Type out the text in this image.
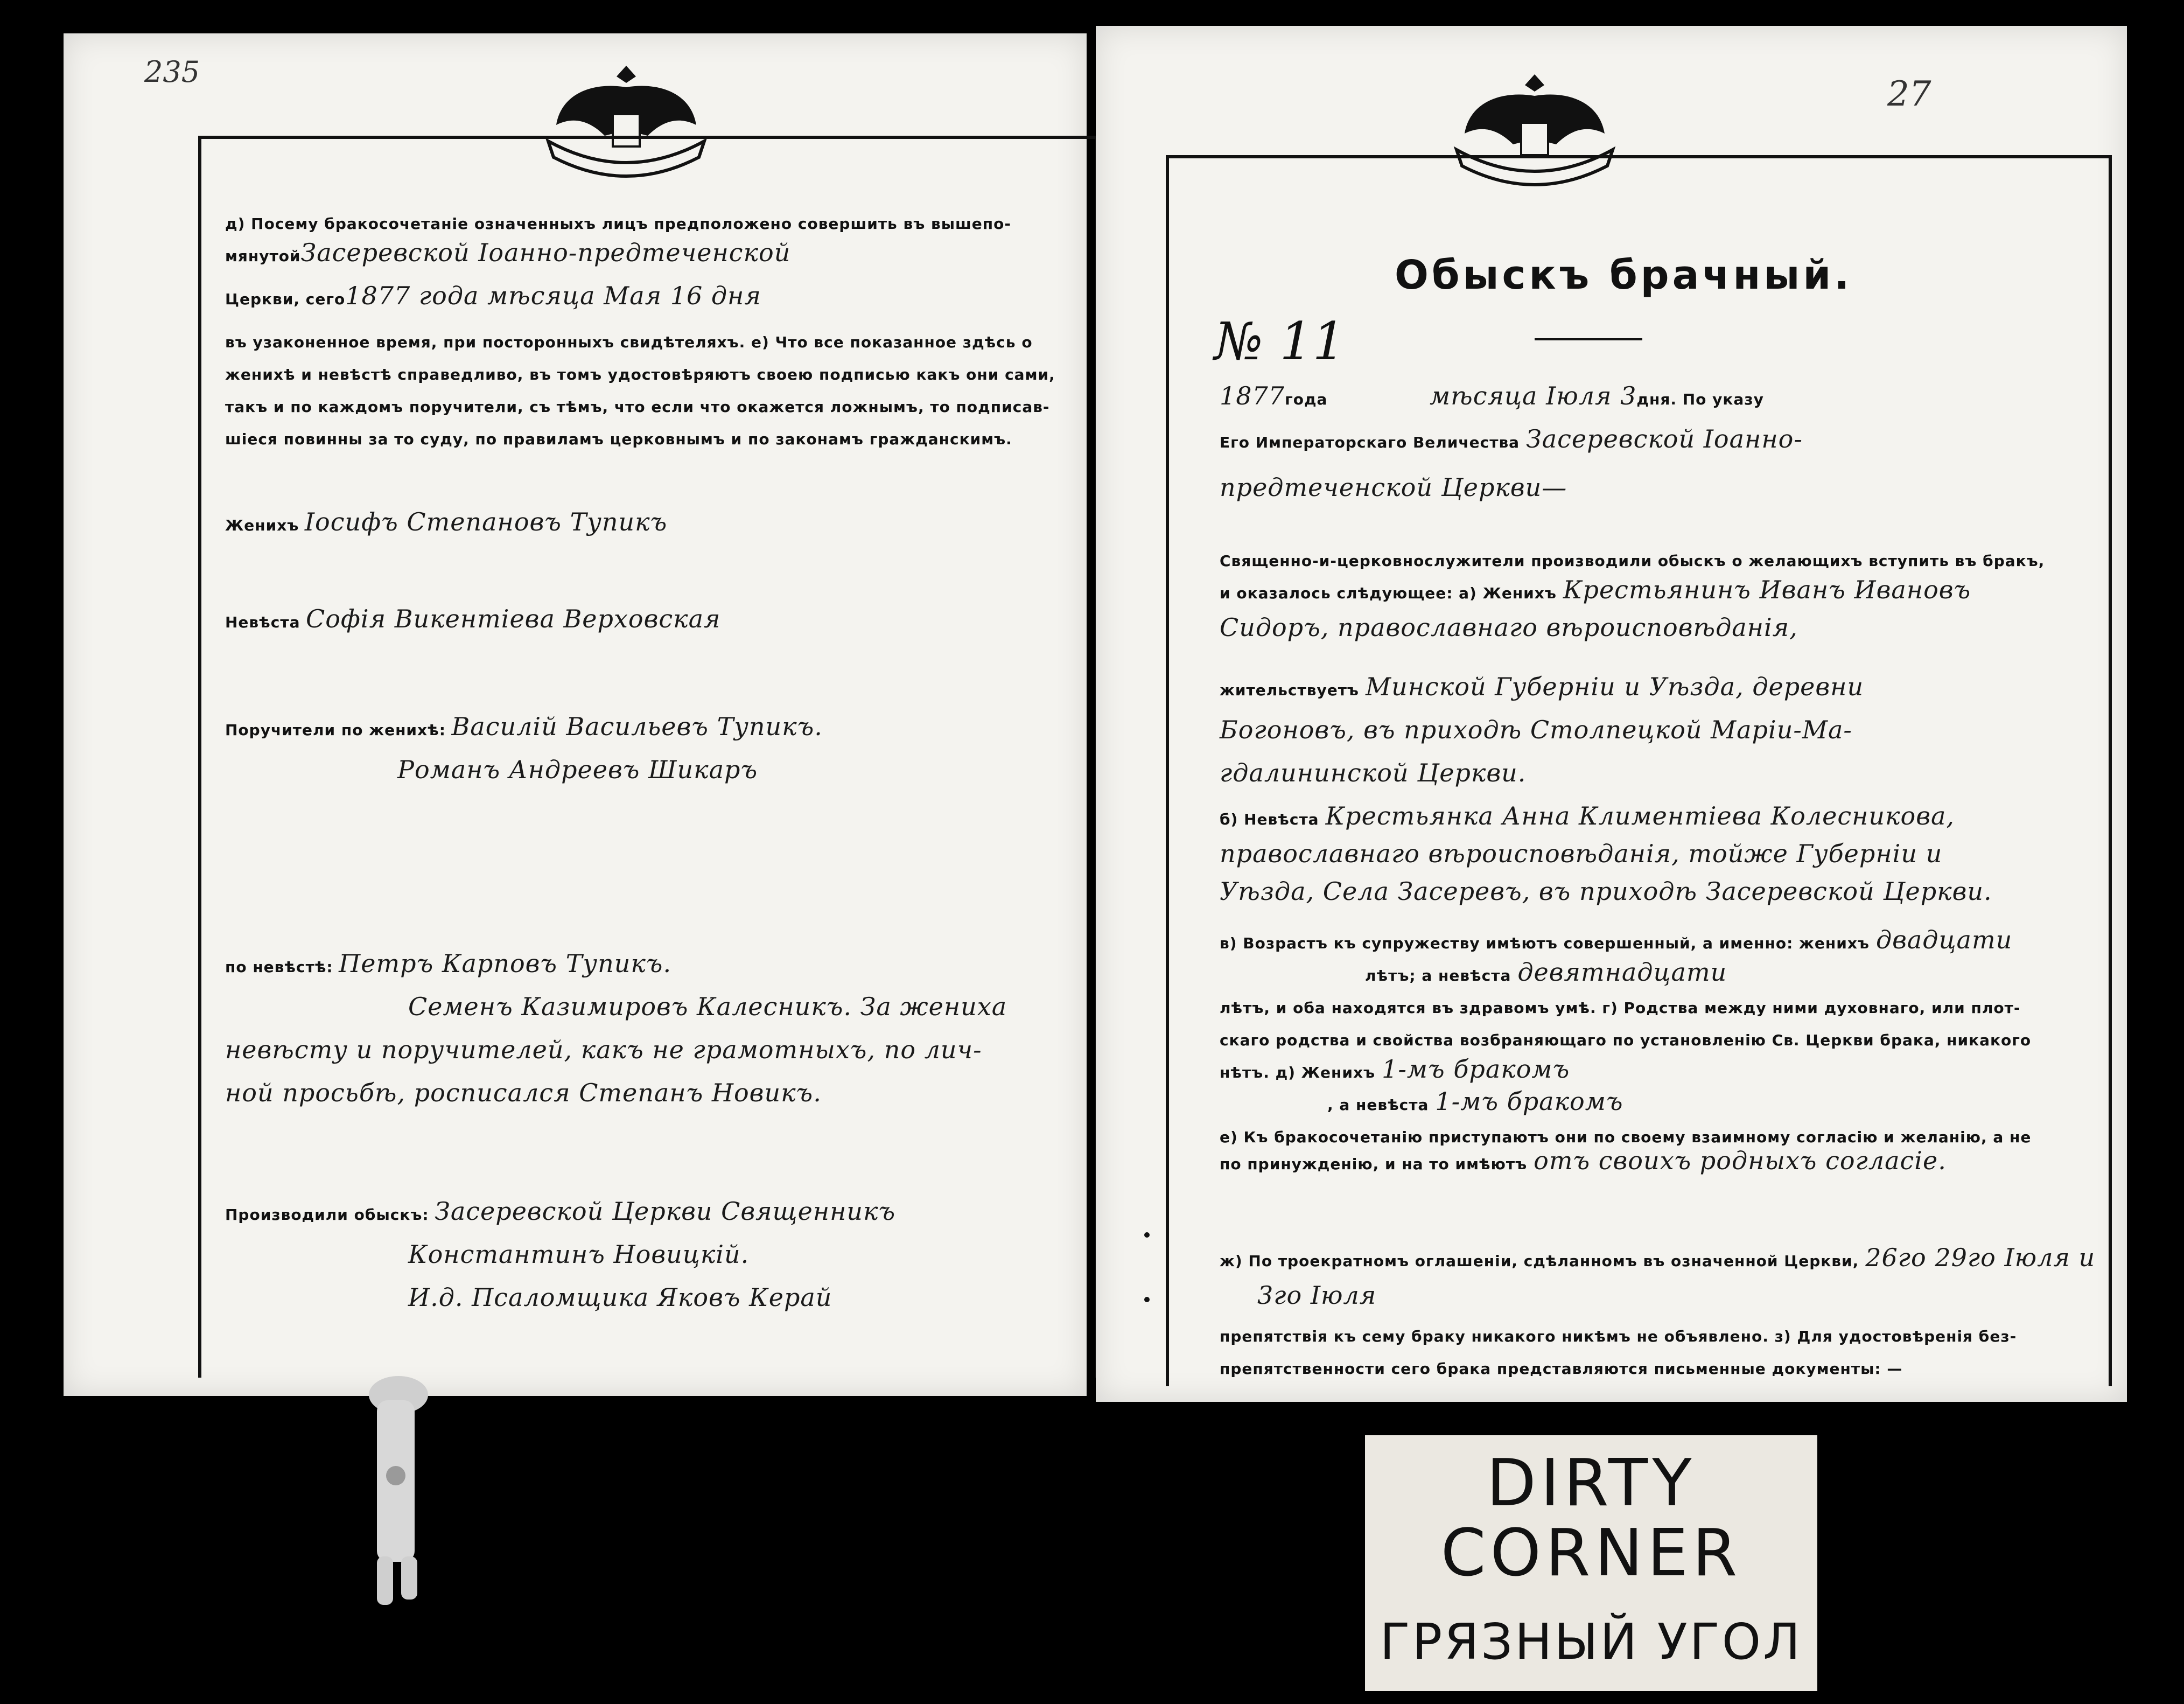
235
д) Посему бракосочетанiе означенныхъ лицъ предположено совершить въ вышепо-
мянутойЗасеревской Iоанно-предтеченской
Церкви, сего1877 года мѣсяца Мая 16 дня
въ узаконенное время, при посторонныхъ свидѣтеляхъ. е) Что все показанное здѣсь о
женихѣ и невѣстѣ справедливо, въ томъ удостовѣряютъ своею подписью какъ они сами,
такъ и по каждомъ поручители, съ тѣмъ, что если что окажется ложнымъ, то подписав-
шiеся повинны за то суду, по правиламъ церковнымъ и по законамъ гражданскимъ.
Женихъ Iосифъ Степановъ Тупикъ
Невѣста Софiя Викентiева Верховская
Поручители по женихѣ: Василiй Васильевъ Тупикъ.
Романъ Андреевъ Шикаръ
по невѣстѣ: Петръ Карповъ Тупикъ.
Семенъ Казимировъ Калесникъ. За жениха
невѣсту и поручителей, какъ не грамотныхъ, по лич-
ной просьбѣ, росписался Степанъ Новикъ.
Производили обыскъ: Засеревской Церкви Священникъ
Константинъ Новицкiй.
И.д. Псаломщика Яковъ Керай
27
Обыскъ брачный.
№ 11
1877года	мѣсяца Iюля 3дня. По указу
Его Императорскаго Величества Засеревской Iоанно-
предтеченской Церкви—
Священно-и-церковнослужители производили обыскъ о желающихъ вступить въ бракъ,
и оказалось слѣдующее: а) Женихъ Крестьянинъ Иванъ Ивановъ
Сидоръ, православнаго вѣроисповѣданiя,
жительствуетъ Минской Губернiи и Уѣзда, деревни
Богоновъ, въ приходѣ Столпецкой Марiи-Ма-
гдалининской Церкви.
б) Невѣста Крестьянка Анна Климентiева Колесникова,
православнаго вѣроисповѣданiя, тойже Губернiи и
Уѣзда, Села Засеревъ, въ приходѣ Засеревской Церкви.
в) Возрастъ къ супружеству имѣютъ совершенный, а именно: женихъ двадцати
лѣтъ; а невѣста девятнадцати
лѣтъ, и оба находятся въ здравомъ умѣ. г) Родства между ними духовнаго, или плот-
скаго родства и свойства возбраняющаго по установленiю Св. Церкви брака, никакого
нѣтъ. д) Женихъ 1-мъ бракомъ
, а невѣста 1-мъ бракомъ
е) Къ бракосочетанiю приступаютъ они по своему взаимному согласiю и желанiю, а не
по принужденiю, и на то имѣютъ отъ своихъ родныхъ согласiе.
ж) По троекратномъ оглашенiи, сдѣланномъ въ означенной Церкви, 26го 29го Iюля и
3го Iюля
препятствiя къ сему браку никакого никѣмъ не объявлено. з) Для удостовѣренiя без-
препятственности сего брака представляются письменные документы: —
DIRTY
CORNER
ГРЯЗНЫЙ УГОЛ
